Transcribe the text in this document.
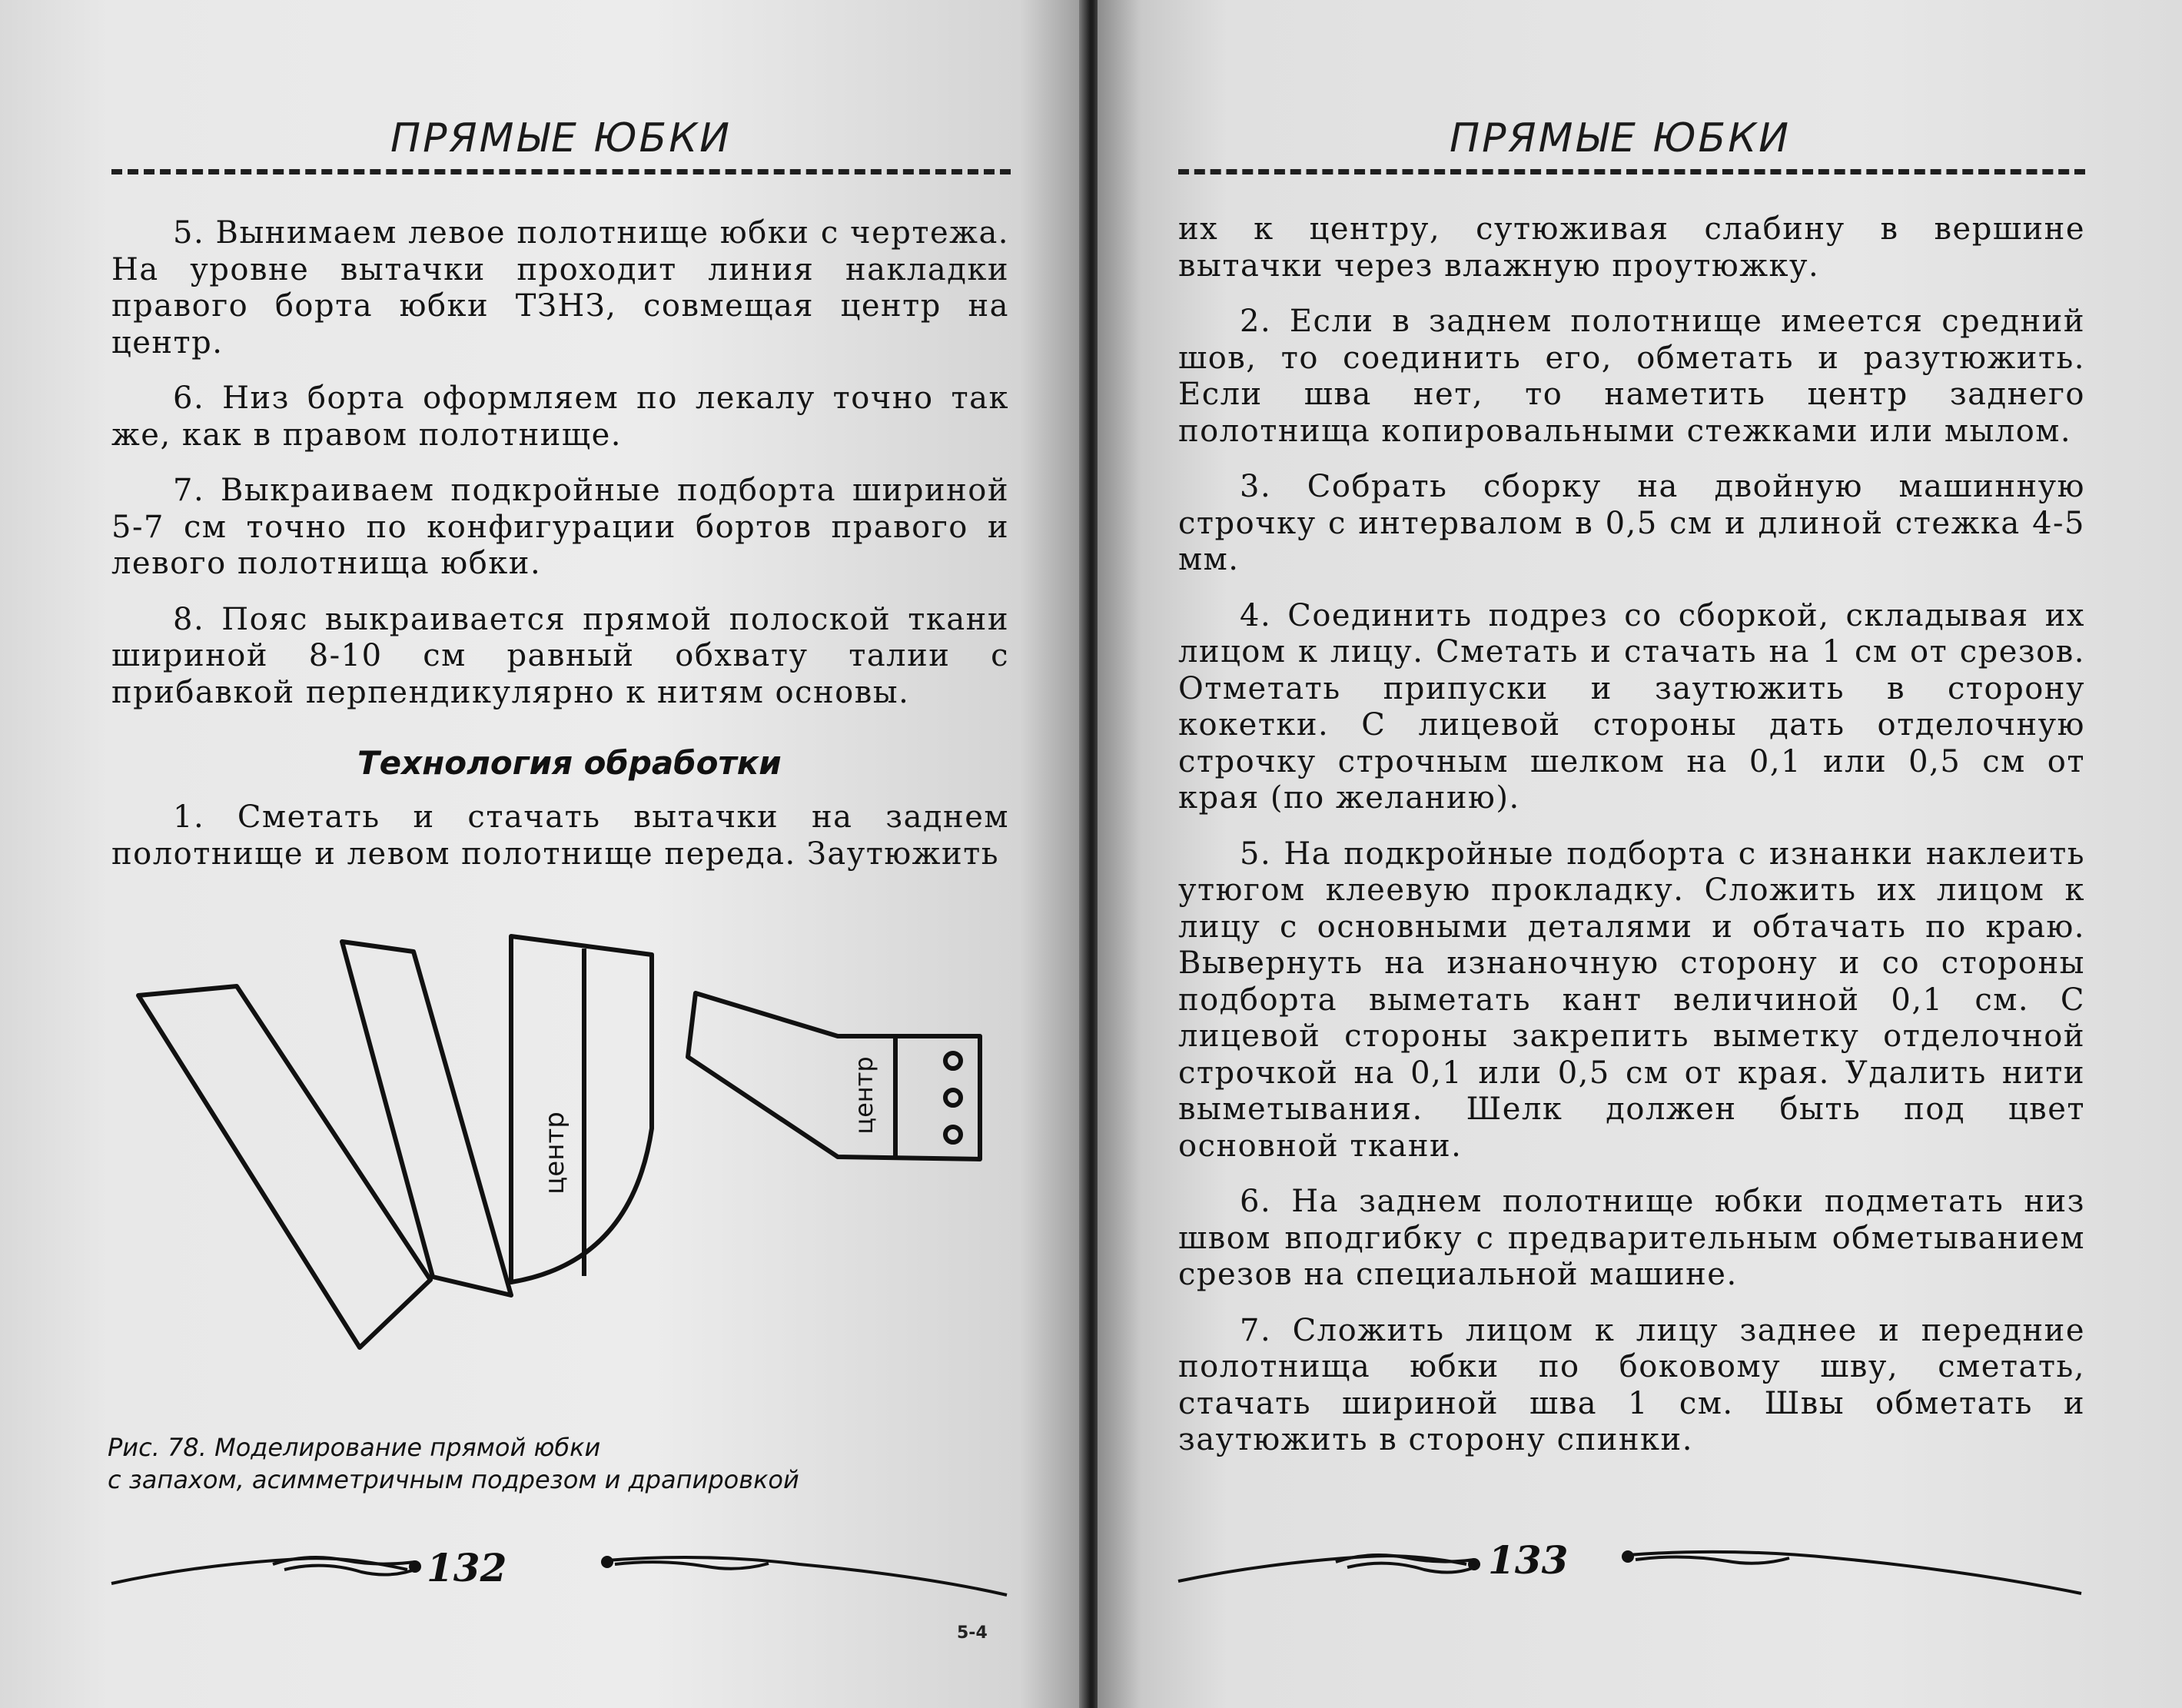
ПРЯМЫЕ ЮБКИ

5. Вынимаем левое полотнище юбки с чертежа. На уровне вытачки проходит линия накладки правого борта юбки ТЗНЗ, совмещая центр на центр.

6. Низ борта оформляем по лекалу точно так же, как в правом полотнище.

7. Выкраиваем подкройные подборта шириной 5-7 см точно по конфигурации бортов правого и левого полотнища юбки.

8. Пояс выкраивается прямой полоской ткани шириной 8-10 см равный обхвату талии с прибавкой перпендикулярно к нитям основы.

Технология обработки

1. Сметать и стачать вытачки на заднем полотнище и левом полотнище переда. Заутюжить

центр
центр
Рис. 78. Моделирование прямой юбки
с запахом, асимметричным подрезом и драпировкой
132
5-4
ПРЯМЫЕ ЮБКИ

их к центру, сутюживая слабину в вершине вытачки через влажную проутюжку.

2. Если в заднем полотнище имеется средний шов, то соединить его, обметать и разутюжить. Если шва нет, то наметить центр заднего полотнища копировальными стежками или мылом.

3. Собрать сборку на двойную машинную строчку с интервалом в 0,5 см и длиной стежка 4-5 мм.

4. Соединить подрез со сборкой, складывая их лицом к лицу. Сметать и стачать на 1 см от срезов. Отметать припуски и заутюжить в сторону кокетки. С лицевой стороны дать отделочную строчку строчным шелком на 0,1 или 0,5 см от края (по желанию).

5. На подкройные подборта с изнанки наклеить утюгом клеевую прокладку. Сложить их лицом к лицу с основными деталями и обтачать по краю. Вывернуть на изнаночную сторону и со стороны подборта выметать кант величиной 0,1 см. С лицевой стороны закрепить выметку отделочной строчкой на 0,1 или 0,5 см от края. Удалить нити выметывания. Шелк должен быть под цвет основной ткани.

6. На заднем полотнище юбки подметать низ швом вподгибку с предварительным обметыванием срезов на специальной машине.

7. Сложить лицом к лицу заднее и передние полотнища юбки по боковому шву, сметать, стачать шириной шва 1 см. Швы обметать и заутюжить в сторону спинки.

133
